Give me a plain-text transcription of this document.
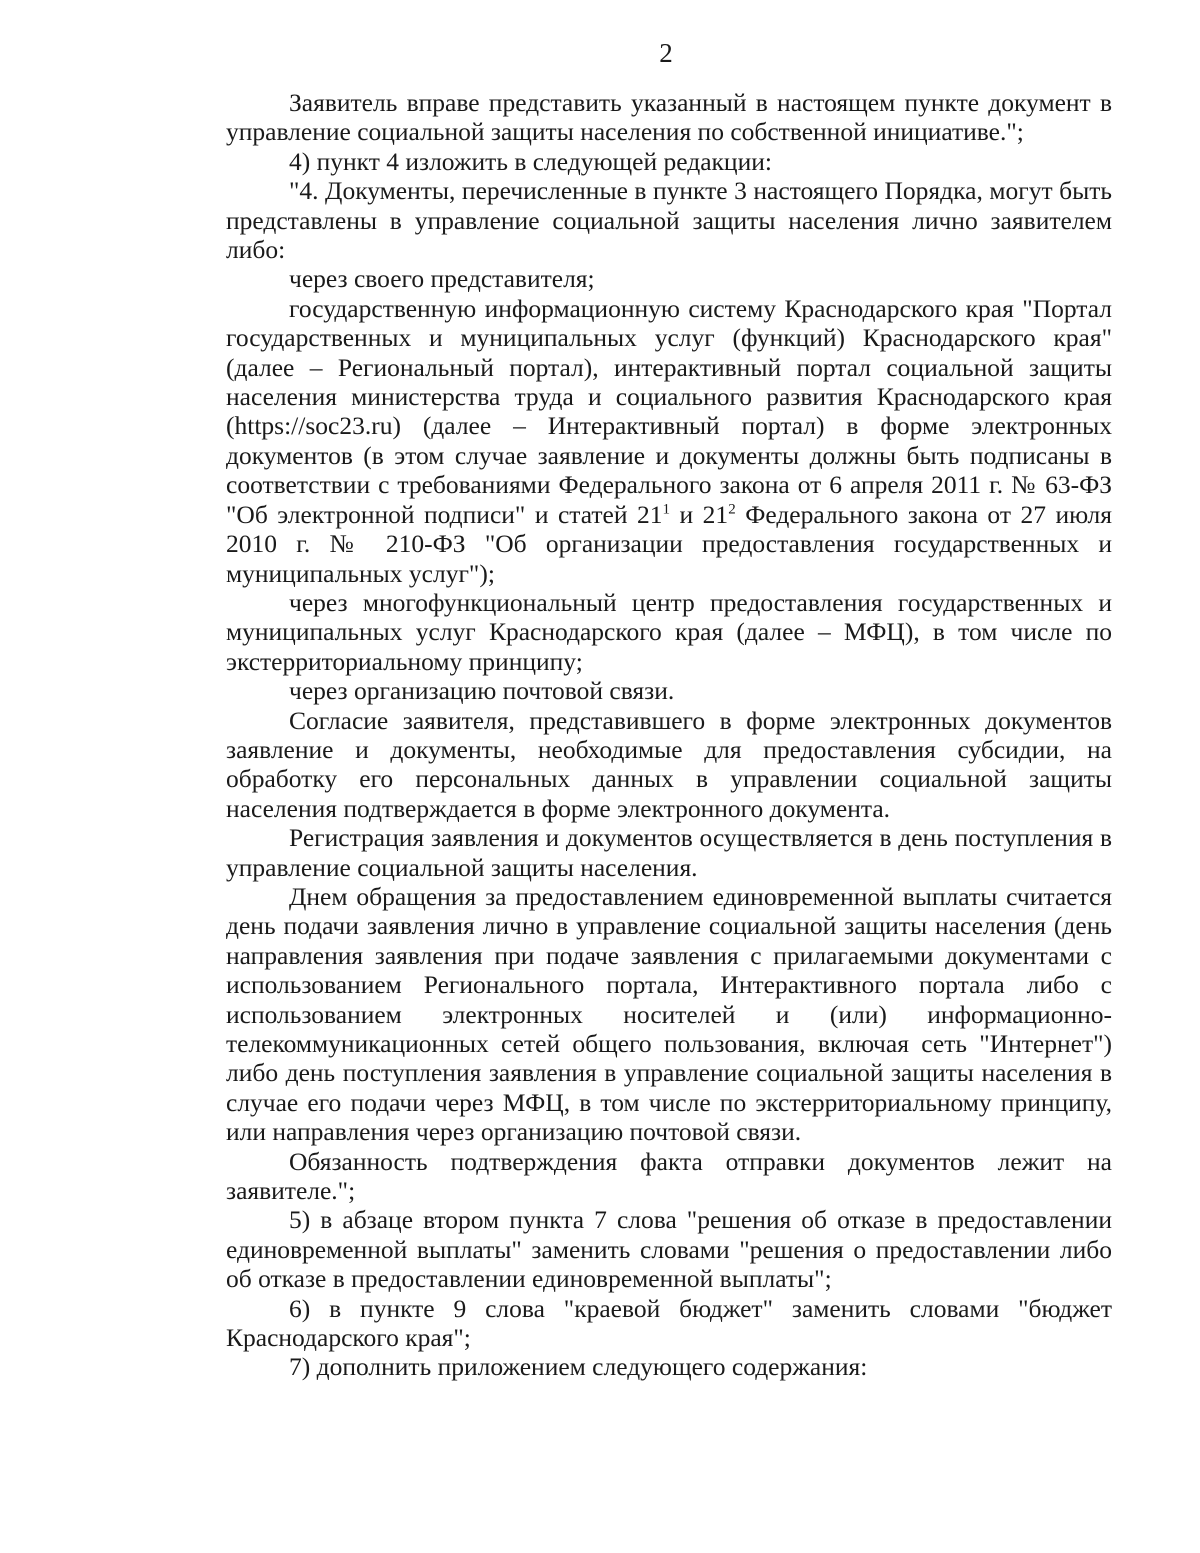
2

Заявитель вправе представить указанный в настоящем пункте документ в управление социальной защиты населения по собственной инициативе.";

4) пункт 4 изложить в следующей редакции:

"4. Документы, перечисленные в пункте 3 настоящего Порядка, могут быть представлены в управление социальной защиты населения лично заявителем либо:

через своего представителя;

государственную информационную систему Краснодарского края "Портал государственных и муниципальных услуг (функций) Краснодарского края" (далее – Региональный портал), интерактивный портал социальной защиты населения министерства труда и социального развития Краснодарского края (https://soc23.ru) (далее – Интерактивный портал) в форме электронных документов (в этом случае заявление и документы должны быть подписаны в соответствии с требованиями Федерального закона от 6 апреля 2011 г. № 63-ФЗ "Об электронной подписи" и статей $21^1$ и $21^2$ Федерального закона от 27 июля 2010 г. № 210-ФЗ "Об организации предоставления государственных и муниципальных услуг");

через многофункциональный центр предоставления государственных и муниципальных услуг Краснодарского края (далее – МФЦ), в том числе по экстерриториальному принципу;

через организацию почтовой связи.

Согласие заявителя, представившего в форме электронных документов заявление и документы, необходимые для предоставления субсидии, на обработку его персональных данных в управлении социальной защиты населения подтверждается в форме электронного документа.

Регистрация заявления и документов осуществляется в день поступления в управление социальной защиты населения.

Днем обращения за предоставлением единовременной выплаты считается день подачи заявления лично в управление социальной защиты населения (день направления заявления при подаче заявления с прилагаемыми документами с использованием Регионального портала, Интерактивного портала либо с использованием электронных носителей и (или) информационно-телекоммуникационных сетей общего пользования, включая сеть "Интернет") либо день поступления заявления в управление социальной защиты населения в случае его подачи через МФЦ, в том числе по экстерриториальному принципу, или направления через организацию почтовой связи.

Обязанность подтверждения факта отправки документов лежит на заявителе.";

5) в абзаце втором пункта 7 слова "решения об отказе в предоставлении единовременной выплаты" заменить словами "решения о предоставлении либо об отказе в предоставлении единовременной выплаты";

6) в пункте 9 слова "краевой бюджет" заменить словами "бюджет Краснодарского края";

7) дополнить приложением следующего содержания:
